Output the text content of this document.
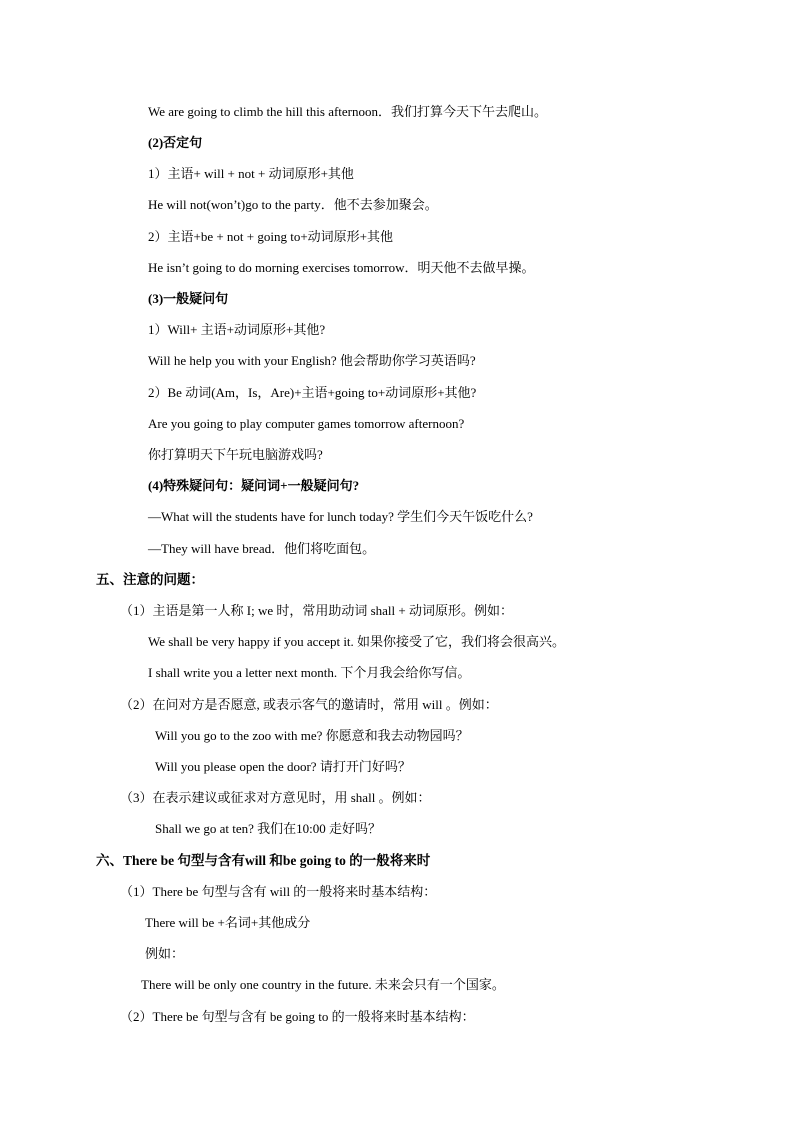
We are going to climb the hill this afternoon．我们打算今天下午去爬山。
(2)否定句
1）主语+ will + not + 动词原形+其他
He will not(won’t)go to the party．他不去参加聚会。
2）主语+be + not + going to+动词原形+其他
He isn’t going to do morning exercises tomorrow．明天他不去做早操。
(3)一般疑问句
1）Will+ 主语+动词原形+其他?
Will he help you with your English? 他会帮助你学习英语吗?
2）Be 动词(Am，Is，Are)+主语+going to+动词原形+其他?
Are you going to play computer games tomorrow afternoon?
你打算明天下午玩电脑游戏吗?
(4)特殊疑问句：疑问词+一般疑问句?
—What will the students have for lunch today? 学生们今天午饭吃什么?
—They will have bread．他们将吃面包。
五、注意的问题：
（1）主语是第一人称 I; we 时，常用助动词 shall + 动词原形。例如：
We shall be very happy if you accept it. 如果你接受了它，我们将会很高兴。
I shall write you a letter next month. 下个月我会给你写信。
（2）在问对方是否愿意, 或表示客气的邀请时，常用 will 。例如：
Will you go to the zoo with me? 你愿意和我去动物园吗？
Will you please open the door? 请打开门好吗？
（3）在表示建议或征求对方意见时，用 shall 。例如：
Shall we go at ten? 我们在10:00 走好吗？
六、There be 句型与含有will 和be going to 的一般将来时
（1）There be 句型与含有 will 的一般将来时基本结构：
There will be +名词+其他成分
例如：
There will be only one country in the future. 未来会只有一个国家。
（2）There be 句型与含有 be going to 的一般将来时基本结构：
